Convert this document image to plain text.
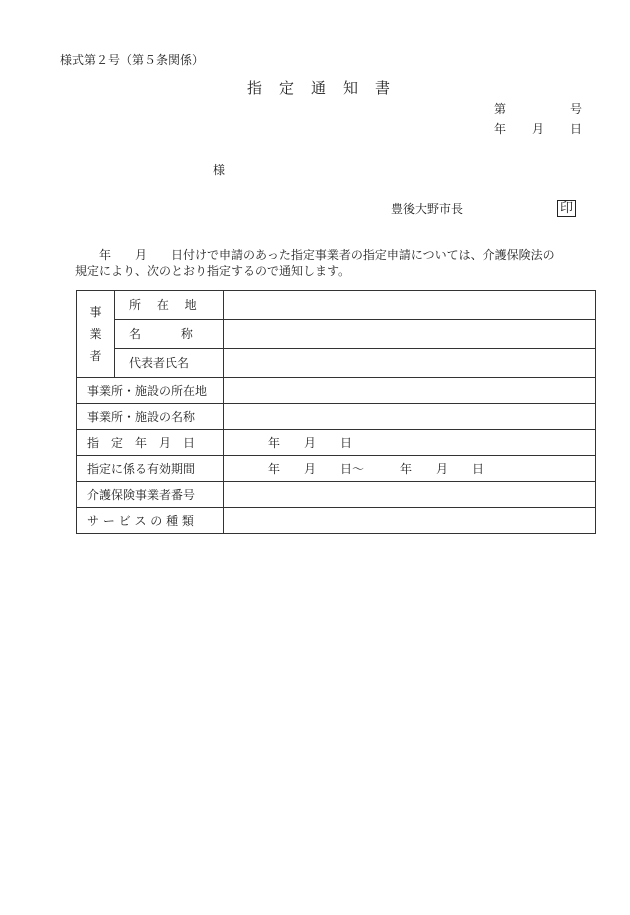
様式第２号（第５条関係）
指定通知書
第	号
年 月 日
様
豊後大野市長	印
　　年　　月　　日付けで申請のあった指定事業者の指定申請については、介護保険法の
規定により、次のとおり指定するので通知します。
事
業
者	所　 在 　地	
	名　　 　称	
	代表者氏名	
事業所・施設の所在地		
事業所・施設の名称		
指　定　年　月　日		年　　月　　日
指定に係る有効期間		年　　月　　日～　　　年　　月　　日
介護保険事業者番号		
サ ー ビ ス の 種 類		
